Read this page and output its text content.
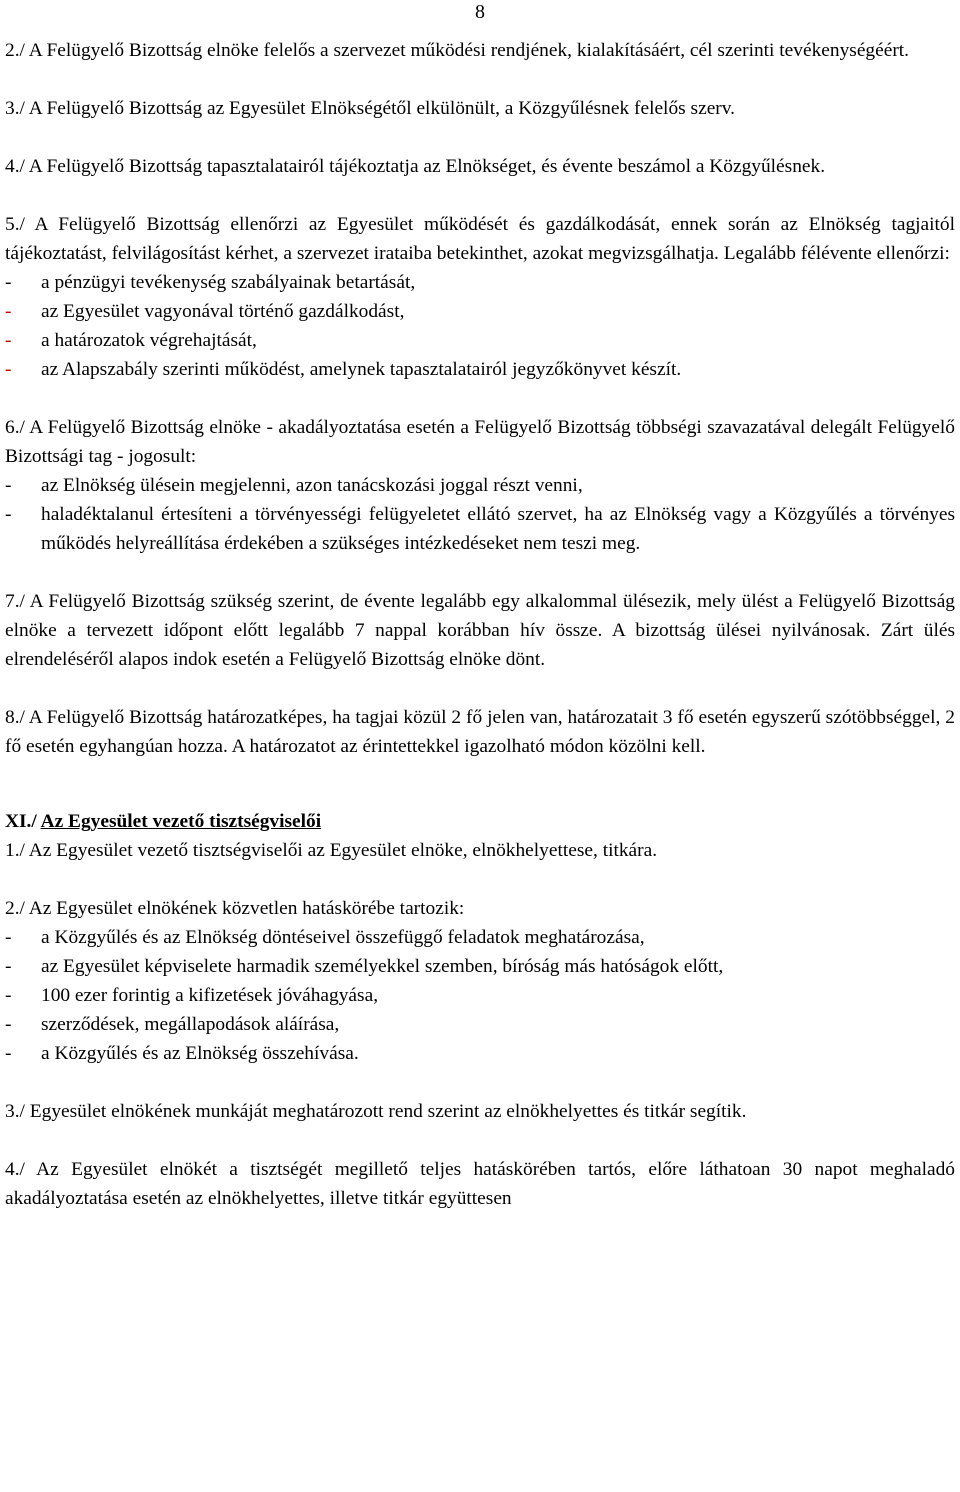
8

2./ A Felügyelő Bizottság elnöke felelős a szervezet működési rendjének, kialakításáért, cél szerinti tevékenységéért.

3./ A Felügyelő Bizottság az Egyesület Elnökségétől elkülönült, a Közgyűlésnek felelős szerv.

4./ A Felügyelő Bizottság tapasztalatairól tájékoztatja az Elnökséget, és évente beszámol a Közgyűlésnek.

5./ A Felügyelő Bizottság ellenőrzi az Egyesület működését és gazdálkodását, ennek során az Elnökség tagjaitól tájékoztatást, felvilágosítást kérhet, a szervezet irataiba betekinthet, azokat megvizsgálhatja. Legalább félévente ellenőrzi:

-	a pénzügyi tevékenység szabályainak betartását,
-	az Egyesület vagyonával történő gazdálkodást,
-	a határozatok végrehajtását,
-	az Alapszabály szerinti működést, amelynek tapasztalatairól jegyzőkönyvet készít.

6./ A Felügyelő Bizottság elnöke - akadályoztatása esetén a Felügyelő Bizottság többségi szavazatával delegált Felügyelő Bizottsági tag - jogosult:

-	az Elnökség ülésein megjelenni, azon tanácskozási joggal részt venni,
-	haladéktalanul értesíteni a törvényességi felügyeletet ellátó szervet, ha az Elnökség vagy a Közgyűlés a törvényes működés helyreállítása érdekében a szükséges intézkedéseket nem teszi meg.

7./ A Felügyelő Bizottság szükség szerint, de évente legalább egy alkalommal ülésezik, mely ülést a Felügyelő Bizottság elnöke a tervezett időpont előtt legalább 7 nappal korábban hív össze. A bizottság ülései nyilvánosak. Zárt ülés elrendeléséről alapos indok esetén a Felügyelő Bizottság elnöke dönt.

8./ A Felügyelő Bizottság határozatképes, ha tagjai közül 2 fő jelen van, határozatait 3 fő esetén egyszerű szótöbbséggel, 2 fő esetén egyhangúan hozza. A határozatot az érintettekkel igazolható módon közölni kell.

XI./ Az Egyesület vezető tisztségviselői

1./ Az Egyesület vezető tisztségviselői az Egyesület elnöke, elnökhelyettese, titkára.

2./ Az Egyesület elnökének közvetlen hatáskörébe tartozik:

-	a Közgyűlés és az Elnökség döntéseivel összefüggő feladatok meghatározása,
-	az Egyesület képviselete harmadik személyekkel szemben, bíróság más hatóságok előtt,
-	100 ezer forintig a kifizetések jóváhagyása,
-	szerződések, megállapodások aláírása,
-	a Közgyűlés és az Elnökség összehívása.

3./ Egyesület elnökének munkáját meghatározott rend szerint az elnökhelyettes és titkár segítik.

4./ Az Egyesület elnökét a tisztségét megillető teljes hatáskörében tartós, előre láthatoan 30 napot meghaladó akadályoztatása esetén az elnökhelyettes, illetve titkár együttesen
